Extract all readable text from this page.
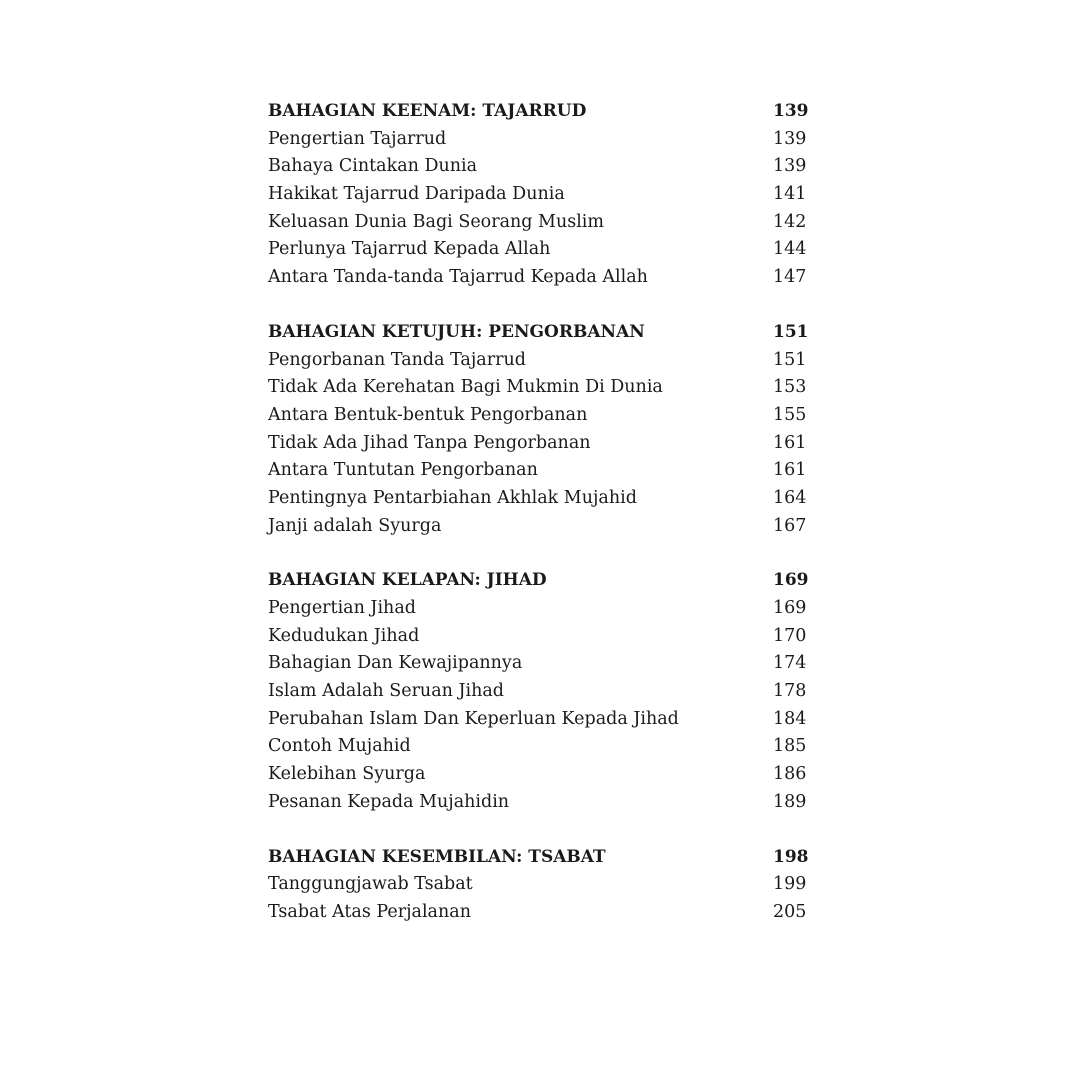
BAHAGIAN KEENAM: TAJARRUD	139
Pengertian Tajarrud	139
Bahaya Cintakan Dunia	139
Hakikat Tajarrud Daripada Dunia	141
Keluasan Dunia Bagi Seorang Muslim	142
Perlunya Tajarrud Kepada Allah	144
Antara Tanda-tanda Tajarrud Kepada Allah	147
BAHAGIAN KETUJUH: PENGORBANAN	151
Pengorbanan Tanda Tajarrud	151
Tidak Ada Kerehatan Bagi Mukmin Di Dunia	153
Antara Bentuk-bentuk Pengorbanan	155
Tidak Ada Jihad Tanpa Pengorbanan	161
Antara Tuntutan Pengorbanan	161
Pentingnya Pentarbiahan Akhlak Mujahid	164
Janji adalah Syurga	167
BAHAGIAN KELAPAN: JIHAD	169
Pengertian Jihad	169
Kedudukan Jihad	170
Bahagian Dan Kewajipannya	174
Islam Adalah Seruan Jihad	178
Perubahan Islam Dan Keperluan Kepada Jihad	184
Contoh Mujahid	185
Kelebihan Syurga	186
Pesanan Kepada Mujahidin	189
BAHAGIAN KESEMBILAN: TSABAT	198
Tanggungjawab Tsabat	199
Tsabat Atas Perjalanan	205
